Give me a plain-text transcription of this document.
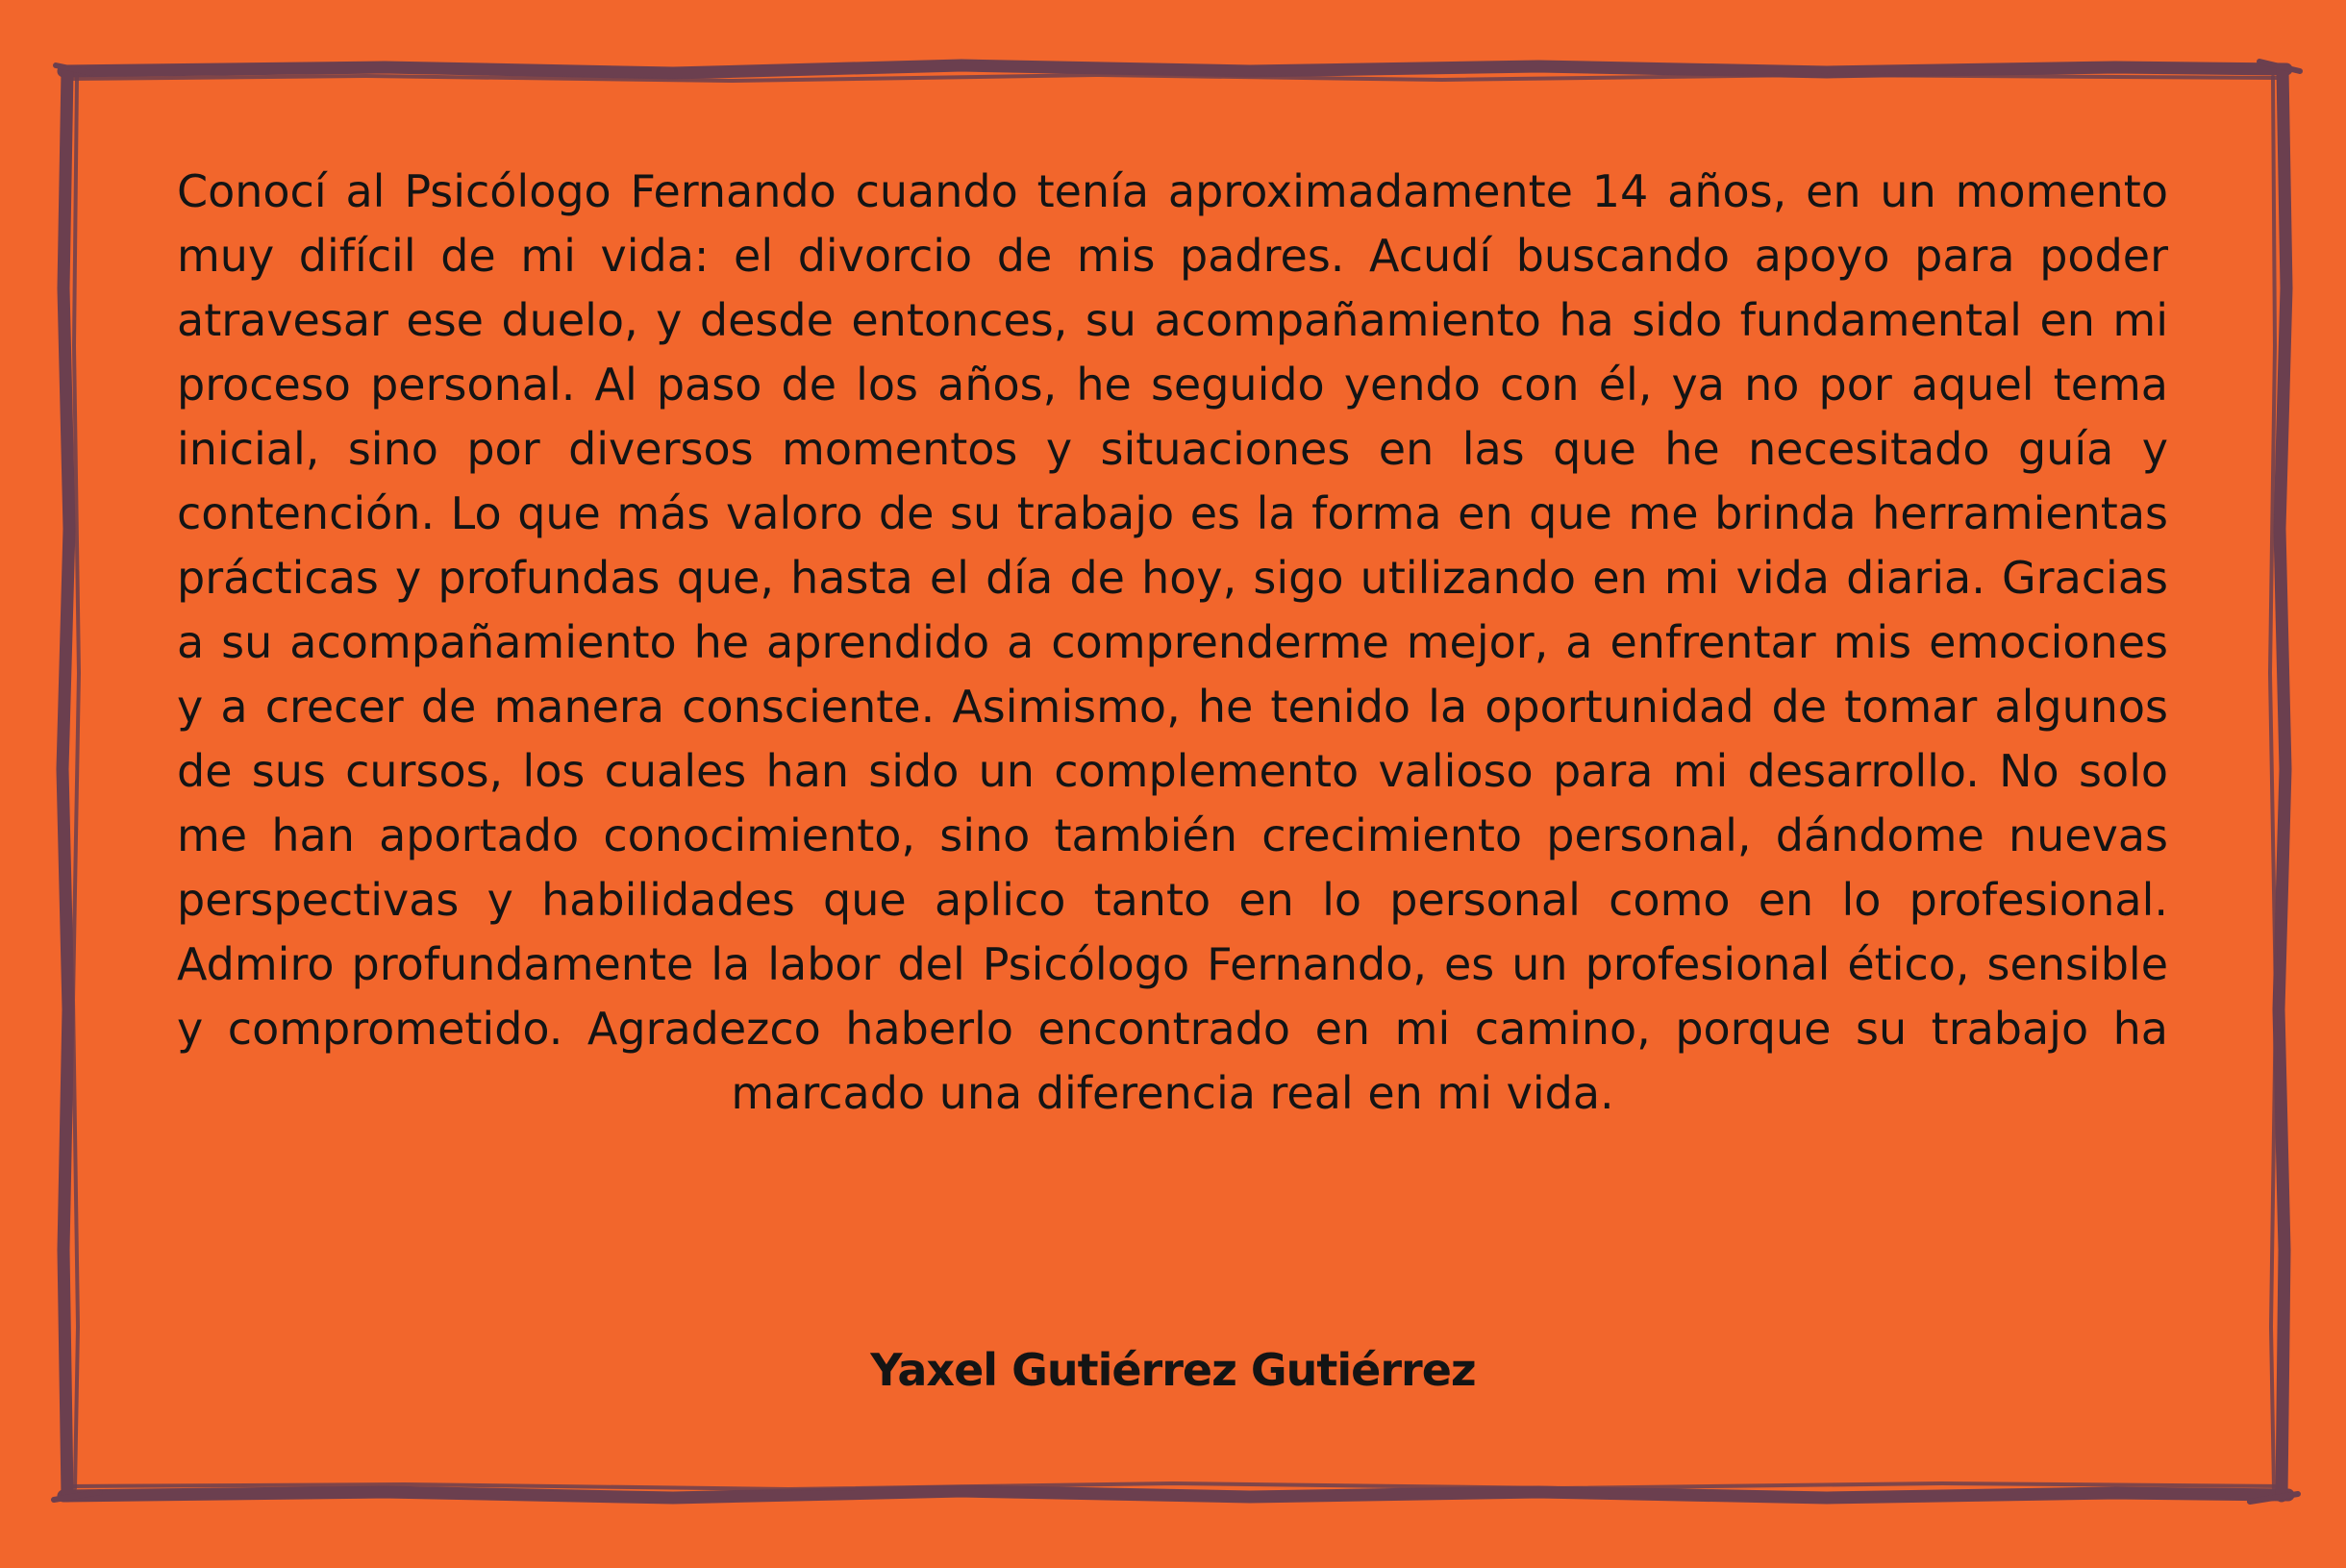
Conocí al Psicólogo Fernando cuando tenía aproximadamente 14 años, en un momento muy difícil de mi vida: el divorcio de mis padres. Acudí buscando apoyo para poder atravesar ese duelo, y desde entonces, su acompañamiento ha sido fundamental en mi proceso personal. Al paso de los años, he seguido yendo con él, ya no por aquel tema inicial, sino por diversos momentos y situaciones en las que he necesitado guía y contención. Lo que más valoro de su trabajo es la forma en que me brinda herramientas prácticas y profundas que, hasta el día de hoy, sigo utilizando en mi vida diaria. Gracias a su acompañamiento he aprendido a comprenderme mejor, a enfrentar mis emociones y a crecer de manera consciente. Asimismo, he tenido la oportunidad de tomar algunos de sus cursos, los cuales han sido un complemento valioso para mi desarrollo. No solo me han aportado conocimiento, sino también crecimiento personal, dándome nuevas perspectivas y habilidades que aplico tanto en lo personal como en lo profesional. Admiro profundamente la labor del Psicólogo Fernando, es un profesional ético, sensible y comprometido. Agradezco haberlo encontrado en mi camino, porque su trabajo ha marcado una diferencia real en mi vida.

Yaxel Gutiérrez Gutiérrez
